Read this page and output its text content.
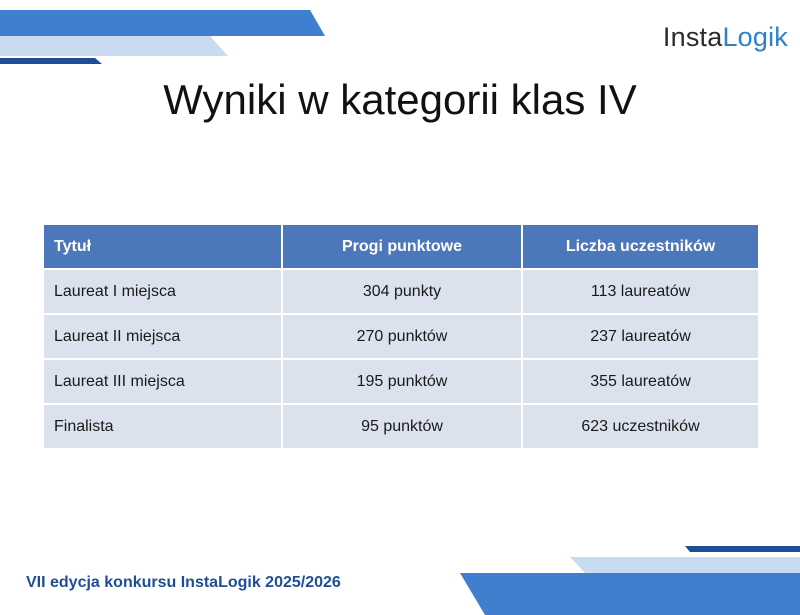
InstaLogik
Wyniki w kategorii klas IV
Tytuł	Progi punktowe	Liczba uczestników
Laureat I miejsca	304 punkty	113 laureatów
Laureat II miejsca	270 punktów	237 laureatów
Laureat III miejsca	195 punktów	355 laureatów
Finalista	95 punktów	623 uczestników
VII edycja konkursu InstaLogik 2025/2026
